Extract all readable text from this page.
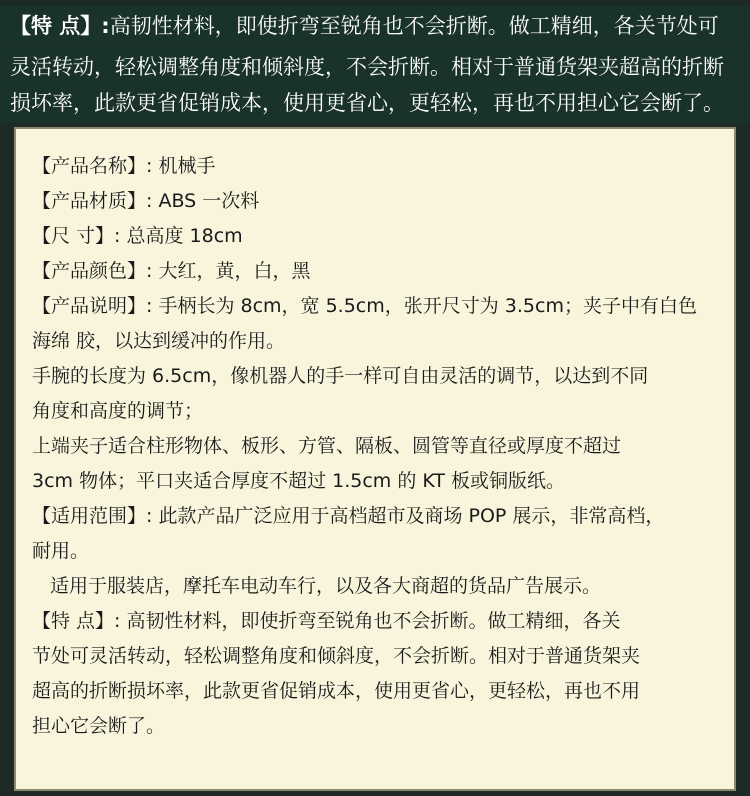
【特 点】:高韧性材料，即使折弯至锐角也不会折断。做工精细，各关节处可
灵活转动，轻松调整角度和倾斜度，不会折断。相对于普通货架夹超高的折断
损坏率，此款更省促销成本，使用更省心，更轻松，再也不用担心它会断了。
【产品名称】: 机械手
【产品材质】: ABS 一次料
【尺 寸】: 总高度 18cm
【产品颜色】: 大红，黄，白，黑
【产品说明】: 手柄长为 8cm，宽 5.5cm，张开尺寸为 3.5cm；夹子中有白色
海绵 胶，以达到缓冲的作用。
手腕的长度为 6.5cm，像机器人的手一样可自由灵活的调节，以达到不同
角度和高度的调节；
上端夹子适合柱形物体、板形、方管、隔板、圆管等直径或厚度不超过
3cm 物体；平口夹适合厚度不超过 1.5cm 的 KT 板或铜版纸。
【适用范围】: 此款产品广泛应用于高档超市及商场 POP 展示，非常高档，
耐用。
适用于服装店，摩托车电动车行，以及各大商超的货品广告展示。
【特 点】: 高韧性材料，即使折弯至锐角也不会折断。做工精细，各关
节处可灵活转动，轻松调整角度和倾斜度，不会折断。相对于普通货架夹
超高的折断损坏率，此款更省促销成本，使用更省心，更轻松，再也不用
担心它会断了。
